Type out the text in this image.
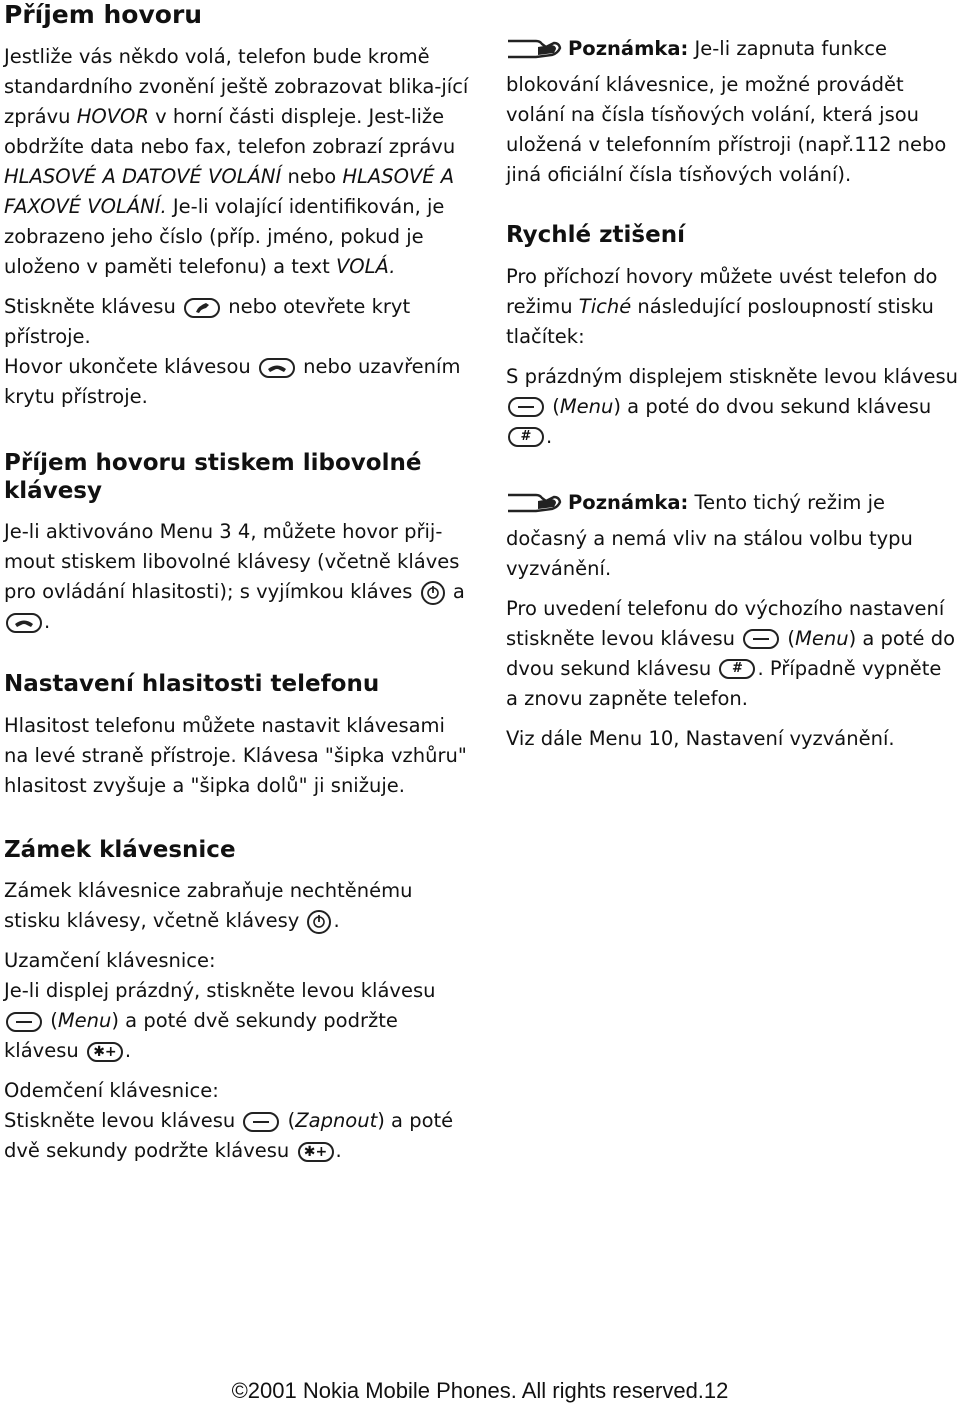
Příjem hovoru

Jestliže vás někdo volá, telefon bude kromě standardního zvonění ještě zobrazovat blika-jící zprávu HOVOR v horní části displeje. Jest-liže obdržíte data nebo fax, telefon zobrazí zprávu HLASOVÉ A DATOVÉ VOLÁNÍ nebo HLASOVÉ A FAXOVÉ VOLÁNÍ. Je-li volající identifikován, je zobrazeno jeho číslo (příp. jméno, pokud je uloženo v paměti telefonu) a text VOLÁ.

Stiskněte klávesu
nebo otevřete kryt přístroje.

Hovor ukončete klávesou
nebo uzavřením krytu přístroje.

Příjem hovoru stiskem libovolné klávesy

Je-li aktivováno Menu 3 4, můžete hovor přij-mout stiskem libovolné klávesy (včetně kláves pro ovládání hlasitosti); s vyjímkou kláves
a
.

Nastavení hlasitosti telefonu

Hlasitost telefonu můžete nastavit klávesami na levé straně přístroje. Klávesa "šipka vzhůru" hlasitost zvyšuje a "šipka dolů" ji snižuje.

Zámek klávesnice

Zámek klávesnice zabraňuje nechtěnému stisku klávesy, včetně klávesy
.

Uzamčení klávesnice:

Je-li displej prázdný, stiskněte levou klávesu  (Menu) a poté dvě sekundy podržte klávesu ✱+ .

Odemčení klávesnice:

Stiskněte levou klávesu  (Zapnout) a poté dvě sekundy podržte klávesu ✱+ .

Poznámka: Je-li zapnuta funkce blokování klávesnice, je možné provádět volání na čísla tísňových volání, která jsou uložená v telefonním přístroji (např.112 nebo jiná oficiální čísla tísňových volání).

Rychlé ztišení

Pro příchozí hovory můžete uvést telefon do režimu Tiché následující posloupností stisku tlačítek:

S prázdným displejem stiskněte levou klávesu  (Menu) a poté do dvou sekund klávesu # .

Poznámka: Tento tichý režim je dočasný a nemá vliv na stálou volbu typu vyzvánění.

Pro uvedení telefonu do výchozího nastavení stiskněte levou klávesu  (Menu) a poté do dvou sekund klávesu # . Případně vypněte a znovu zapněte telefon.

Viz dále Menu 10, Nastavení vyzvánění.

©2001 Nokia Mobile Phones. All rights reserved.12
